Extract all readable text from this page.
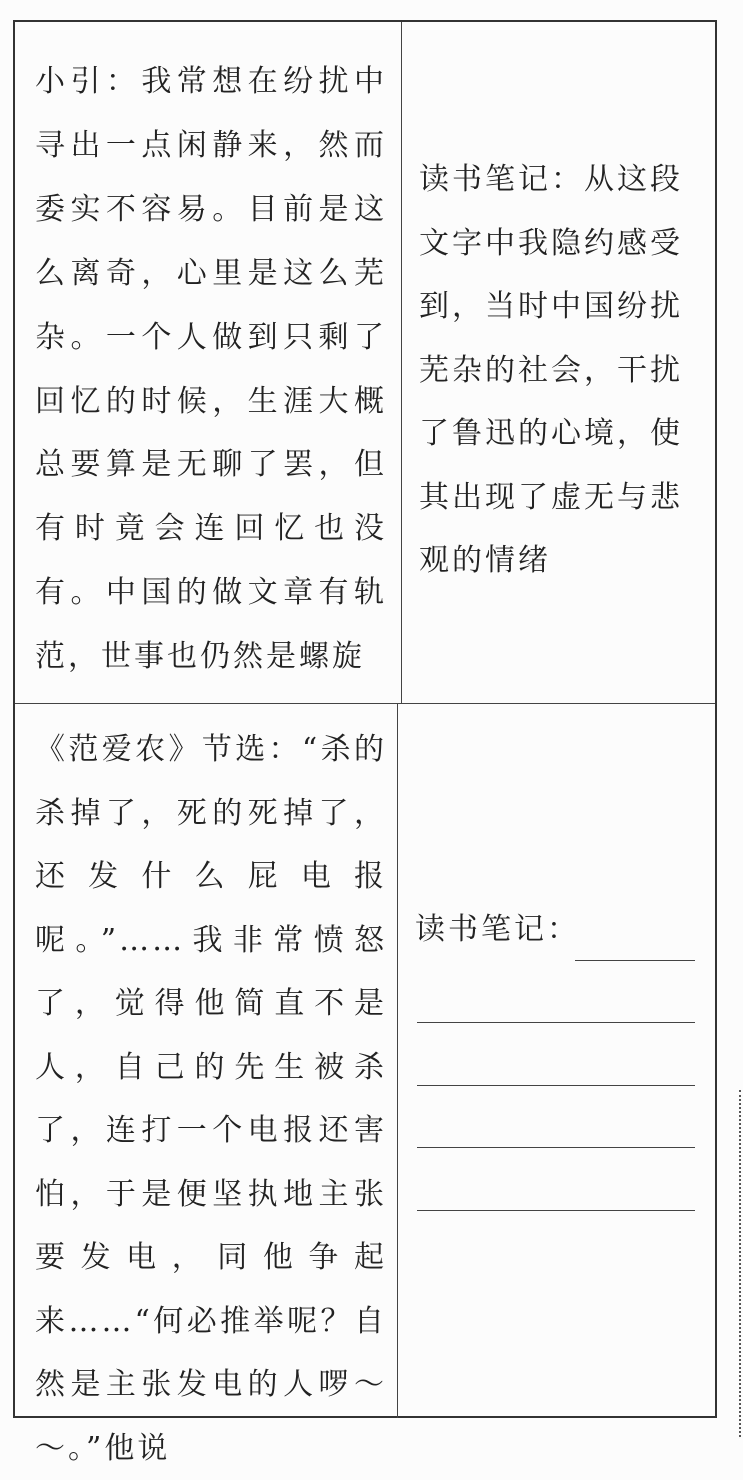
小引：我常想在纷扰中寻出一点闲静来，然而委实不容易。目前是这么离奇，心里是这么芜杂。一个人做到只剩了回忆的时候，生涯大概总要算是无聊了罢，但有时竟会连回忆也没有。中国的做文章有轨范，世事也仍然是螺旋

读书笔记：从这段文字中我隐约感受到，当时中国纷扰芜杂的社会，干扰了鲁迅的心境，使其出现了虚无与悲观的情绪

《范爱农》节选：“杀的杀掉了，死的死掉了，还发什么屁电报呢。”……我非常愤怒了，觉得他简直不是人，自己的先生被杀了，连打一个电报还害怕，于是便坚执地主张要发电，同他争起来……“何必推举呢？自然是主张发电的人啰～～。”他说

读书笔记：
